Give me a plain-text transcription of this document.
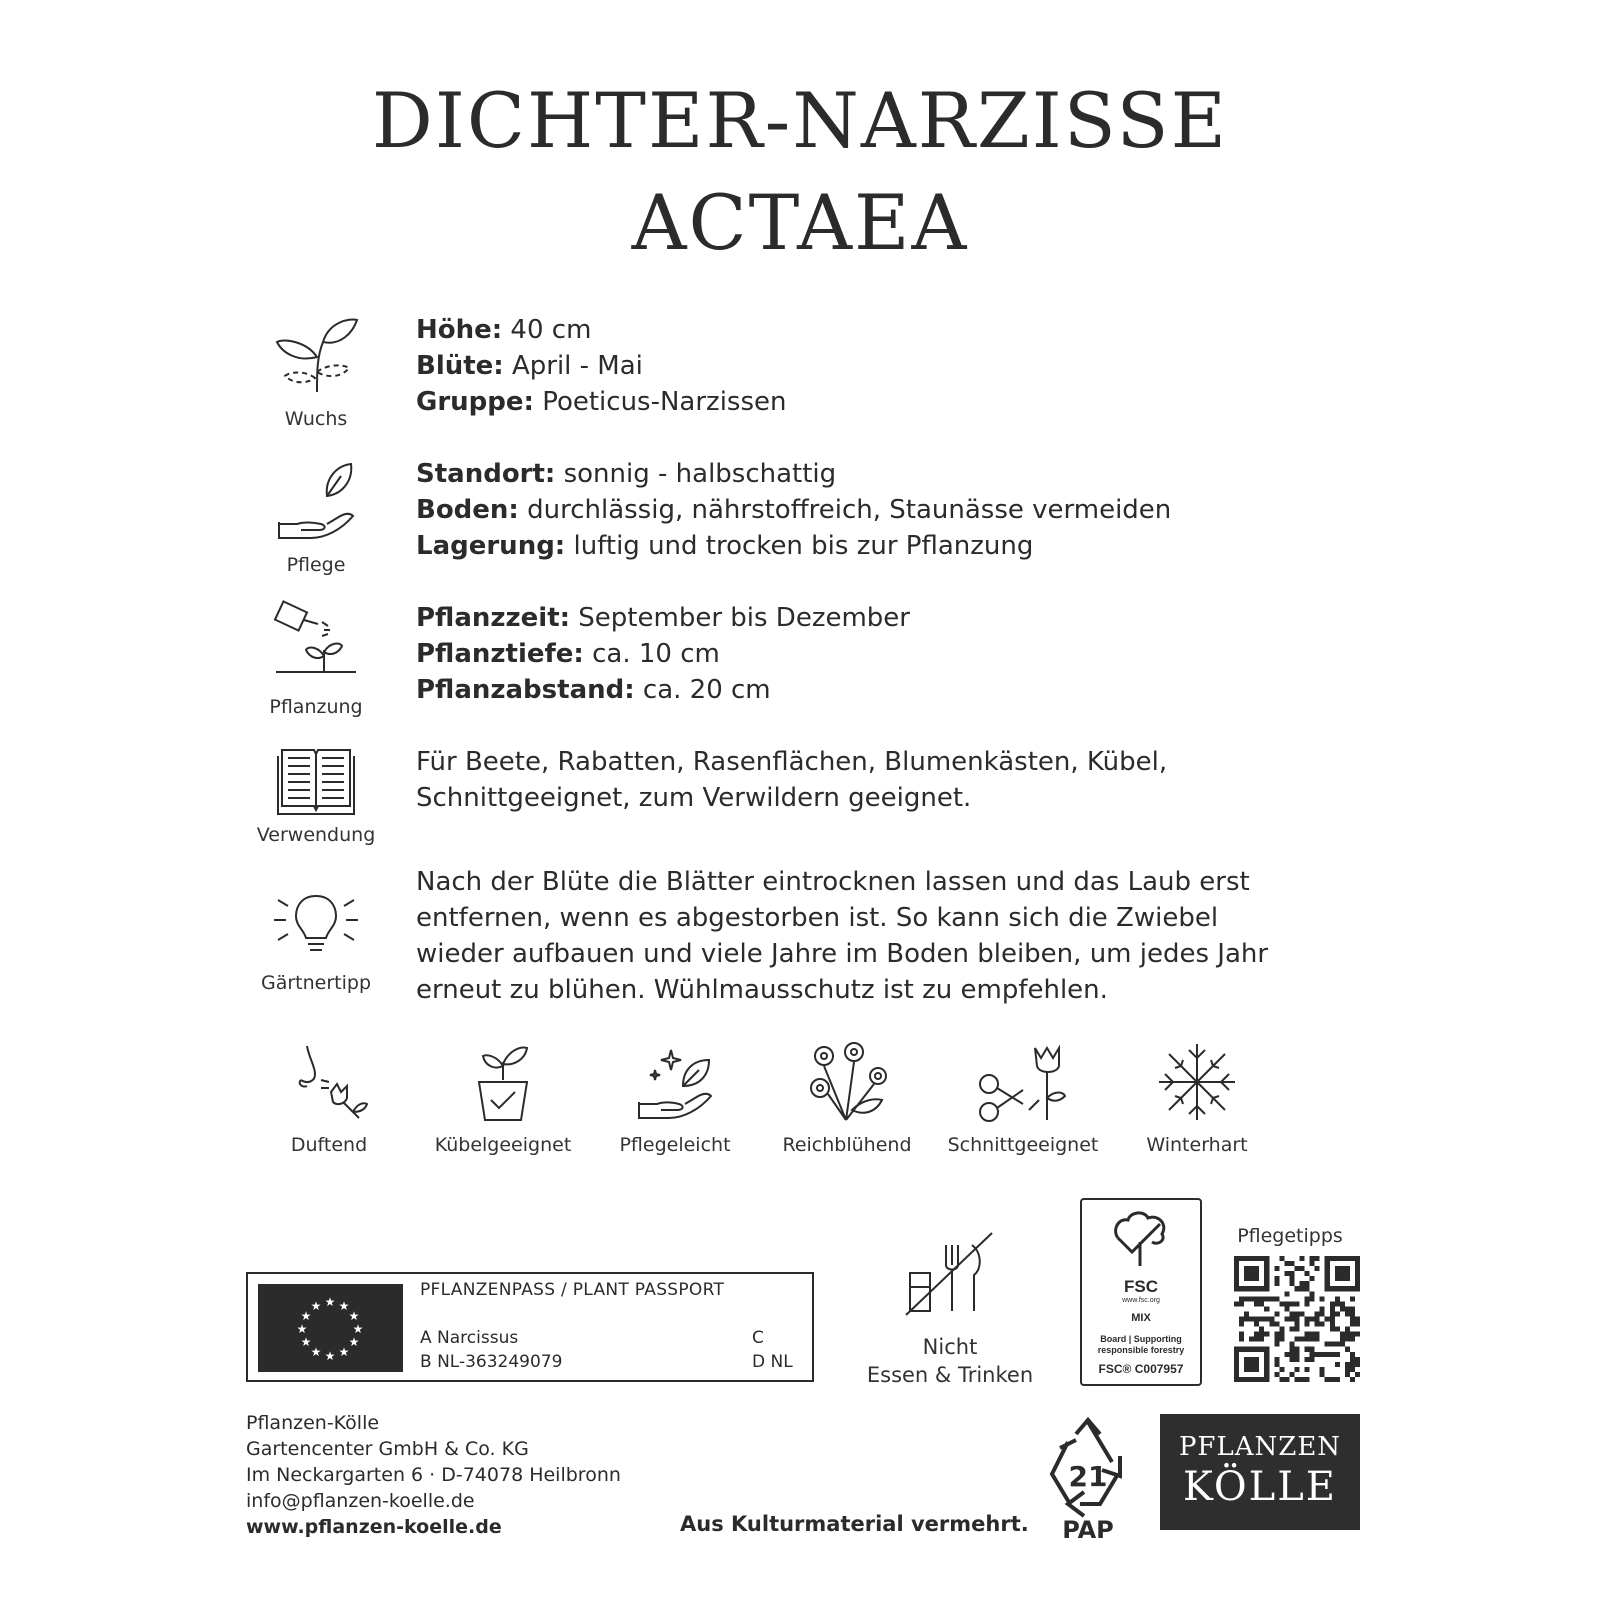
DICHTER-NARZISSE
ACTAEA
Wuchs
Höhe: 40 cm
Blüte: April - Mai
Gruppe: Poeticus-Narzissen
Pflege
Standort: sonnig - halbschattig
Boden: durchlässig, nährstoffreich, Staunässe vermeiden
Lagerung: luftig und trocken bis zur Pflanzung
Pflanzung
Pflanzzeit: September bis Dezember
Pflanztiefe: ca. 10 cm
Pflanzabstand: ca. 20 cm
Verwendung
Für Beete, Rabatten, Rasenflächen, Blumenkästen, Kübel,
Schnittgeeignet, zum Verwildern geeignet.
Gärtnertipp
Nach der Blüte die Blätter eintrocknen lassen und das Laub erst
entfernen, wenn es abgestorben ist. So kann sich die Zwiebel
wieder aufbauen und viele Jahre im Boden bleiben, um jedes Jahr
erneut zu blühen. Wühlmausschutz ist zu empfehlen.
Duftend	Kübelgeeignet	Pflegeleicht	Reichblühend	Schnittgeeignet	Winterhart
★ ★
★
★
★
★
★
★
★
★
★
★
PFLANZENPASS / PLANT PASSPORT
A Narcissus
B NL-363249079
C
D NL
Nicht
Essen & Trinken
FSC
www.fsc.org
MIX
Board | Supporting
responsible forestry
FSC® C007957
Pflegetipps
Pflanzen-Kölle
Gartencenter GmbH & Co. KG
Im Neckargarten 6 · D-74078 Heilbronn
info@pflanzen-koelle.de
www.pflanzen-koelle.de	Aus Kulturmaterial vermehrt.
21
PAP
PFLANZEN
KÖLLE
